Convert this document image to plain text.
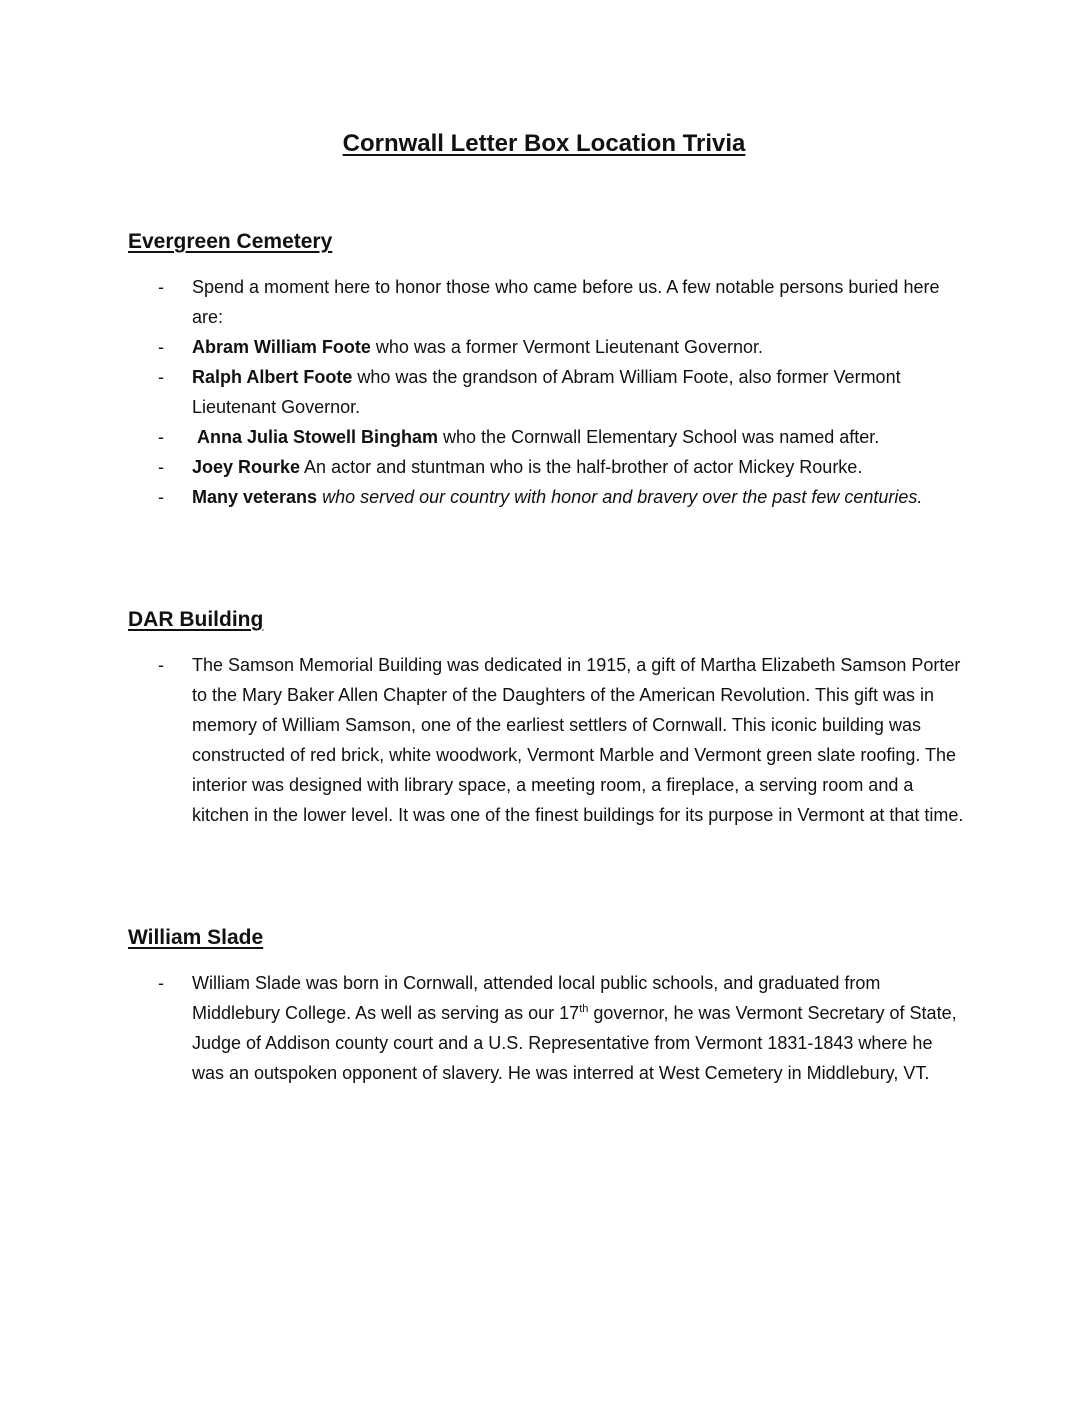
Cornwall Letter Box Location Trivia
Evergreen Cemetery
- Spend a moment here to honor those who came before us. A few notable persons buried here are:
- Abram William Foote who was a former Vermont Lieutenant Governor.
- Ralph Albert Foote who was the grandson of Abram William Foote, also former Vermont Lieutenant Governor.
- Anna Julia Stowell Bingham who the Cornwall Elementary School was named after.
- Joey Rourke An actor and stuntman who is the half-brother of actor Mickey Rourke.
- Many veterans who served our country with honor and bravery over the past few centuries.
DAR Building
- The Samson Memorial Building was dedicated in 1915, a gift of Martha Elizabeth Samson Porter to the Mary Baker Allen Chapter of the Daughters of the American Revolution. This gift was in memory of William Samson, one of the earliest settlers of Cornwall. This iconic building was constructed of red brick, white woodwork, Vermont Marble and Vermont green slate roofing. The interior was designed with library space, a meeting room, a fireplace, a serving room and a kitchen in the lower level. It was one of the finest buildings for its purpose in Vermont at that time.
William Slade
- William Slade was born in Cornwall, attended local public schools, and graduated from Middlebury College. As well as serving as our 17th governor, he was Vermont Secretary of State, Judge of Addison county court and a U.S. Representative from Vermont 1831-1843 where he was an outspoken opponent of slavery. He was interred at West Cemetery in Middlebury, VT.
